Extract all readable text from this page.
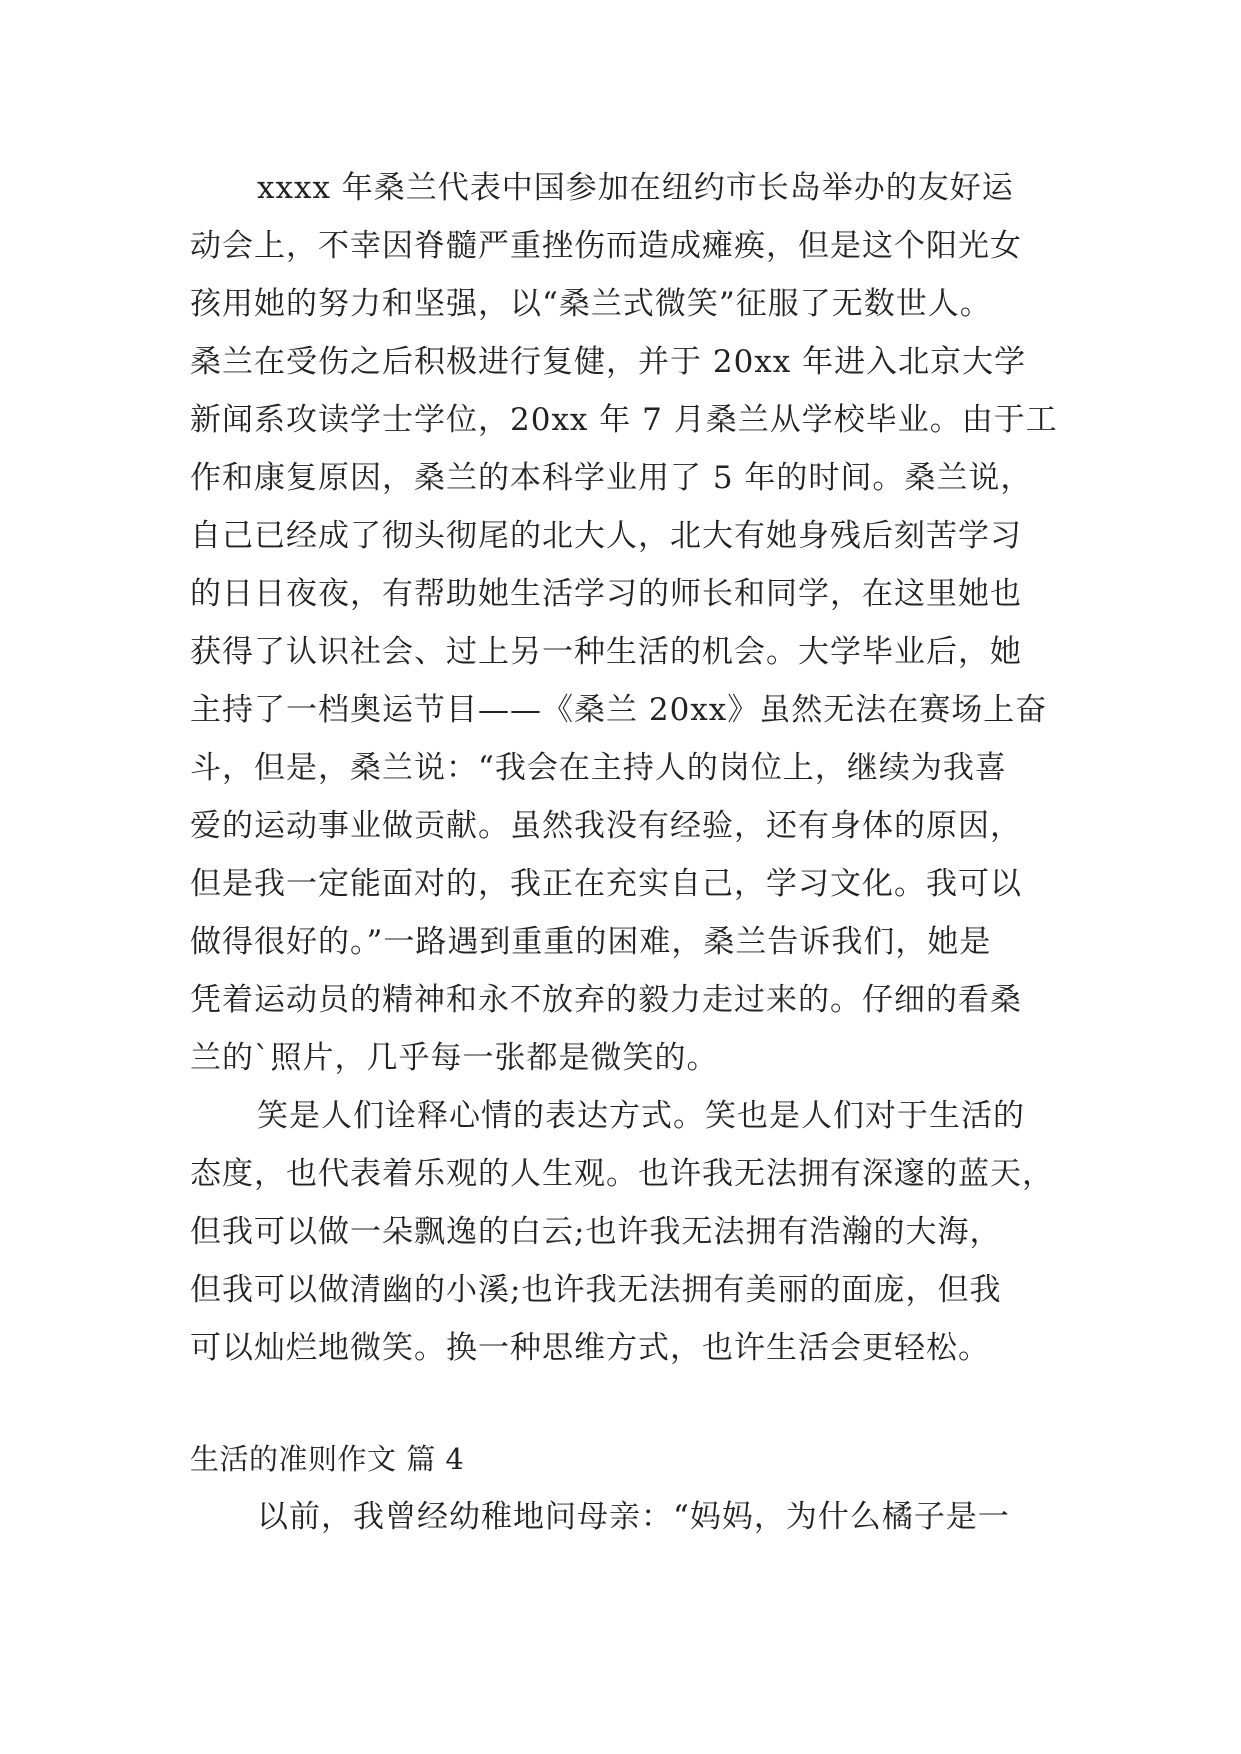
xxxx 年桑兰代表中国参加在纽约市长岛举办的友好运
动会上，不幸因脊髓严重挫伤而造成瘫痪，但是这个阳光女
孩用她的努力和坚强，以“桑兰式微笑”征服了无数世人。
桑兰在受伤之后积极进行复健，并于 20xx 年进入北京大学
新闻系攻读学士学位，20xx 年 7 月桑兰从学校毕业。由于工
作和康复原因，桑兰的本科学业用了 5 年的时间。桑兰说，
自己已经成了彻头彻尾的北大人，北大有她身残后刻苦学习
的日日夜夜，有帮助她生活学习的师长和同学，在这里她也
获得了认识社会、过上另一种生活的机会。大学毕业后，她
主持了一档奥运节目——《桑兰 20xx》虽然无法在赛场上奋
斗，但是，桑兰说：“我会在主持人的岗位上，继续为我喜
爱的运动事业做贡献。虽然我没有经验，还有身体的原因，
但是我一定能面对的，我正在充实自己，学习文化。我可以
做得很好的。”一路遇到重重的困难，桑兰告诉我们，她是
凭着运动员的精神和永不放弃的毅力走过来的。仔细的看桑
兰的`照片，几乎每一张都是微笑的。
笑是人们诠释心情的表达方式。笑也是人们对于生活的
态度，也代表着乐观的人生观。也许我无法拥有深邃的蓝天，
但我可以做一朵飘逸的白云;也许我无法拥有浩瀚的大海，
但我可以做清幽的小溪;也许我无法拥有美丽的面庞，但我
可以灿烂地微笑。换一种思维方式，也许生活会更轻松。
生活的准则作文 篇 4
以前，我曾经幼稚地问母亲：“妈妈，为什么橘子是一
